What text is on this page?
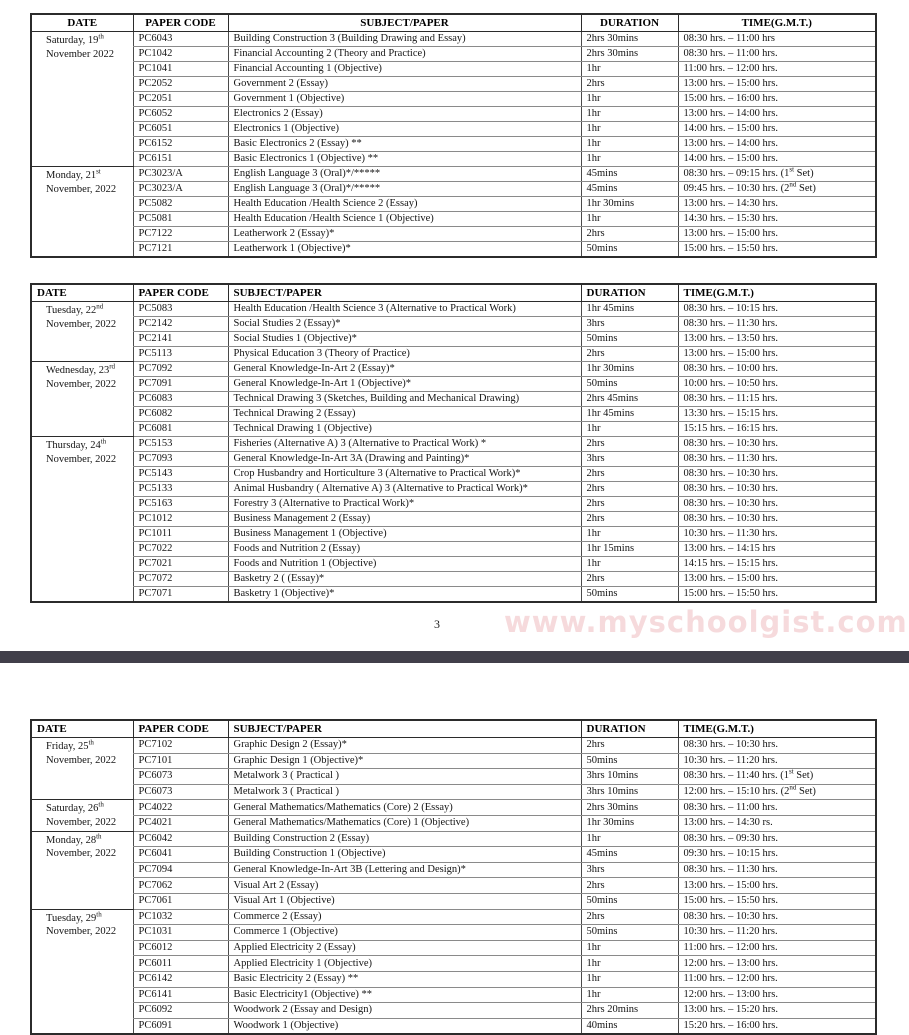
DATE	PAPER CODE	SUBJECT/PAPER	DURATION	TIME(G.M.T.)
Saturday, 19th
November 2022	PC6043	Building Construction 3 (Building Drawing and Essay)	2hrs 30mins	08:30 hrs. – 11:00 hrs
	PC1042	Financial Accounting 2 (Theory and Practice)	2hrs 30mins	08:30 hrs. – 11:00 hrs.
	PC1041	Financial Accounting 1 (Objective)	1hr	11:00 hrs. – 12:00 hrs.
	PC2052	Government 2 (Essay)	2hrs	13:00 hrs. – 15:00 hrs.
	PC2051	Government 1 (Objective)	1hr	15:00 hrs. – 16:00 hrs.
	PC6052	Electronics 2 (Essay)	1hr	13:00 hrs. – 14:00 hrs.
	PC6051	Electronics 1 (Objective)	1hr	14:00 hrs. – 15:00 hrs.
	PC6152	Basic Electronics 2 (Essay) **	1hr	13:00 hrs. – 14:00 hrs.
	PC6151	Basic Electronics 1 (Objective) **	1hr	14:00 hrs. – 15:00 hrs.
Monday, 21st
November, 2022	PC3023/A	English Language 3 (Oral)*/*****	45mins	08:30 hrs. – 09:15 hrs. (1st Set)
	PC3023/A	English Language 3 (Oral)*/*****	45mins	09:45 hrs. – 10:30 hrs. (2nd Set)
	PC5082	Health Education /Health Science 2 (Essay)	1hr 30mins	13:00 hrs. – 14:30 hrs.
	PC5081	Health Education /Health Science 1 (Objective)	1hr	14:30 hrs. – 15:30 hrs.
	PC7122	Leatherwork 2 (Essay)*	2hrs	13:00 hrs. – 15:00 hrs.
	PC7121	Leatherwork 1 (Objective)*	50mins	15:00 hrs. – 15:50 hrs.
DATE	PAPER CODE	SUBJECT/PAPER	DURATION	TIME(G.M.T.)
Tuesday, 22nd
November, 2022	PC5083	Health Education /Health Science 3 (Alternative to Practical Work)	1hr 45mins	08:30 hrs. – 10:15 hrs.
	PC2142	Social Studies 2 (Essay)*	3hrs	08:30 hrs. – 11:30 hrs.
	PC2141	Social Studies 1 (Objective)*	50mins	13:00 hrs. – 13:50 hrs.
	PC5113	Physical Education 3 (Theory of Practice)	2hrs	13:00 hrs. – 15:00 hrs.
Wednesday, 23rd
November, 2022	PC7092	General Knowledge-In-Art 2 (Essay)*	1hr 30mins	08:30 hrs. – 10:00 hrs.
	PC7091	General Knowledge-In-Art 1 (Objective)*	50mins	10:00 hrs. – 10:50 hrs.
	PC6083	Technical Drawing 3 (Sketches, Building and Mechanical Drawing)	2hrs 45mins	08:30 hrs. – 11:15 hrs.
	PC6082	Technical Drawing 2 (Essay)	1hr 45mins	13:30 hrs. – 15:15 hrs.
	PC6081	Technical Drawing 1 (Objective)	1hr	15:15 hrs. – 16:15 hrs.
Thursday, 24th
November, 2022	PC5153	Fisheries (Alternative A) 3 (Alternative to Practical Work) *	2hrs	08:30 hrs. – 10:30 hrs.
	PC7093	General Knowledge-In-Art 3A (Drawing and Painting)*	3hrs	08:30 hrs. – 11:30 hrs.
	PC5143	Crop Husbandry and Horticulture 3 (Alternative to Practical Work)*	2hrs	08:30 hrs. – 10:30 hrs.
	PC5133	Animal Husbandry ( Alternative A) 3 (Alternative to Practical Work)*	2hrs	08:30 hrs. – 10:30 hrs.
	PC5163	Forestry 3 (Alternative to Practical Work)*	2hrs	08:30 hrs. – 10:30 hrs.
	PC1012	Business Management 2 (Essay)	2hrs	08:30 hrs. – 10:30 hrs.
	PC1011	Business Management 1 (Objective)	1hr	10:30 hrs. – 11:30 hrs.
	PC7022	Foods and Nutrition 2 (Essay)	1hr 15mins	13:00 hrs. – 14:15 hrs
	PC7021	Foods and Nutrition 1 (Objective)	1hr	14:15 hrs. – 15:15 hrs.
	PC7072	Basketry 2 ( (Essay)*	2hrs	13:00 hrs. – 15:00 hrs.
	PC7071	Basketry 1 (Objective)*	50mins	15:00 hrs. – 15:50 hrs.
3	www.myschoolgist.com
DATE	PAPER CODE	SUBJECT/PAPER	DURATION	TIME(G.M.T.)
Friday, 25th
November, 2022	PC7102	Graphic Design 2 (Essay)*	2hrs	08:30 hrs. – 10:30 hrs.
	PC7101	Graphic Design 1 (Objective)*	50mins	10:30 hrs. – 11:20 hrs.
	PC6073	Metalwork 3 ( Practical )	3hrs 10mins	08:30 hrs. – 11:40 hrs. (1st Set)
	PC6073	Metalwork 3 ( Practical )	3hrs 10mins	12:00 hrs. – 15:10 hrs. (2nd Set)
Saturday, 26th
November, 2022	PC4022	General Mathematics/Mathematics (Core) 2 (Essay)	2hrs 30mins	08:30 hrs. – 11:00 hrs.
	PC4021	General Mathematics/Mathematics (Core) 1 (Objective)	1hr 30mins	13:00 hrs. – 14:30 rs.
Monday, 28th
November, 2022	PC6042	Building Construction 2 (Essay)	1hr	08:30 hrs. – 09:30 hrs.
	PC6041	Building Construction 1 (Objective)	45mins	09:30 hrs. – 10:15 hrs.
	PC7094	General Knowledge-In-Art 3B (Lettering and Design)*	3hrs	08:30 hrs. – 11:30 hrs.
	PC7062	Visual Art 2 (Essay)	2hrs	13:00 hrs. – 15:00 hrs.
	PC7061	Visual Art 1 (Objective)	50mins	15:00 hrs. – 15:50 hrs.
Tuesday, 29th
November, 2022	PC1032	Commerce 2 (Essay)	2hrs	08:30 hrs. – 10:30 hrs.
	PC1031	Commerce 1 (Objective)	50mins	10:30 hrs. – 11:20 hrs.
	PC6012	Applied Electricity 2 (Essay)	1hr	11:00 hrs. – 12:00 hrs.
	PC6011	Applied Electricity 1 (Objective)	1hr	12:00 hrs. – 13:00 hrs.
	PC6142	Basic Electricity 2 (Essay) **	1hr	11:00 hrs. – 12:00 hrs.
	PC6141	Basic Electricity1 (Objective) **	1hr	12:00 hrs. – 13:00 hrs.
	PC6092	Woodwork 2 (Essay and Design)	2hrs 20mins	13:00 hrs. – 15:20 hrs.
	PC6091	Woodwork 1 (Objective)	40mins	15:20 hrs. – 16:00 hrs.
